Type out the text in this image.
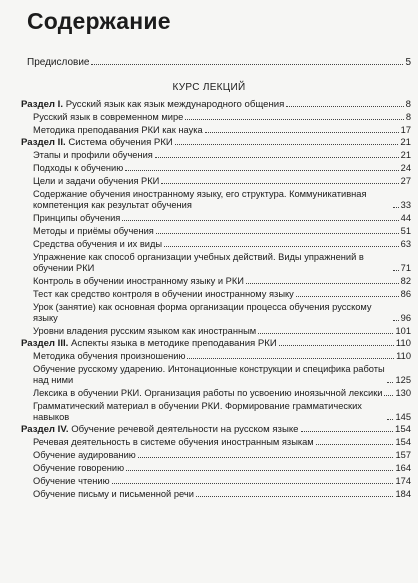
Содержание
Предисловие	5
КУРС ЛЕКЦИЙ
Раздел I. Русский язык как язык международного общения	8
Русский язык в современном мире	8
Методика преподавания РКИ как наука	17
Раздел II. Система обучения РКИ	21
Этапы и профили обучения	21
Подходы к обучению	24
Цели и задачи обучения РКИ	27
Содержание обучения иностранному языку, его структура. Коммуникативная компетенция как результат обучения	33
Принципы обучения	44
Методы и приёмы обучения	51
Средства обучения и их виды	63
Упражнение как способ организации учебных действий. Виды упражнений в обучении РКИ	71
Контроль в обучении иностранному языку и РКИ	82
Тест как средство контроля в обучении иностранному языку	86
Урок (занятие) как основная форма организации процесса обучения русскому языку	96
Уровни владения русским языком как иностранным	101
Раздел III. Аспекты языка в методике преподавания РКИ	110
Методика обучения произношению	110
Обучение русскому ударению. Интонационные конструкции и специфика работы над ними	125
Лексика в обучении РКИ. Организация работы по усвоению иноязычной лексики 130
Грамматический материал в обучении РКИ. Формирование грамматических навыков	145
Раздел IV. Обучение речевой деятельности на русском языке	154
Речевая деятельность в системе обучения иностранным языкам	154
Обучение аудированию	157
Обучение говорению	164
Обучение чтению	174
Обучение письму и письменной речи	184
